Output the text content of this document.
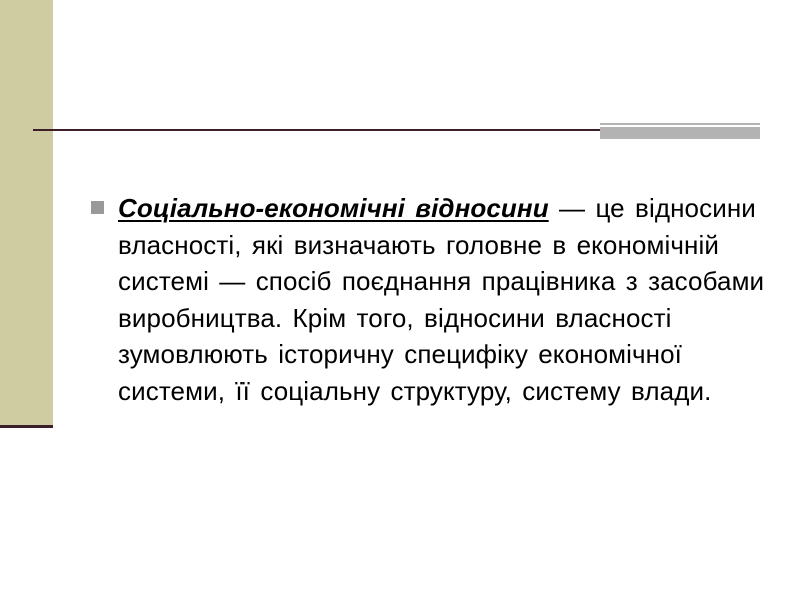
Соціально-економічні відносини — це відносини власності, які визначають головне в економічній системі — спосіб поєднання працівника з засобами виробництва. Крім того, відносини власності зумовлюють історичну специфіку економічної системи, її соціальну структуру, систему влади.
